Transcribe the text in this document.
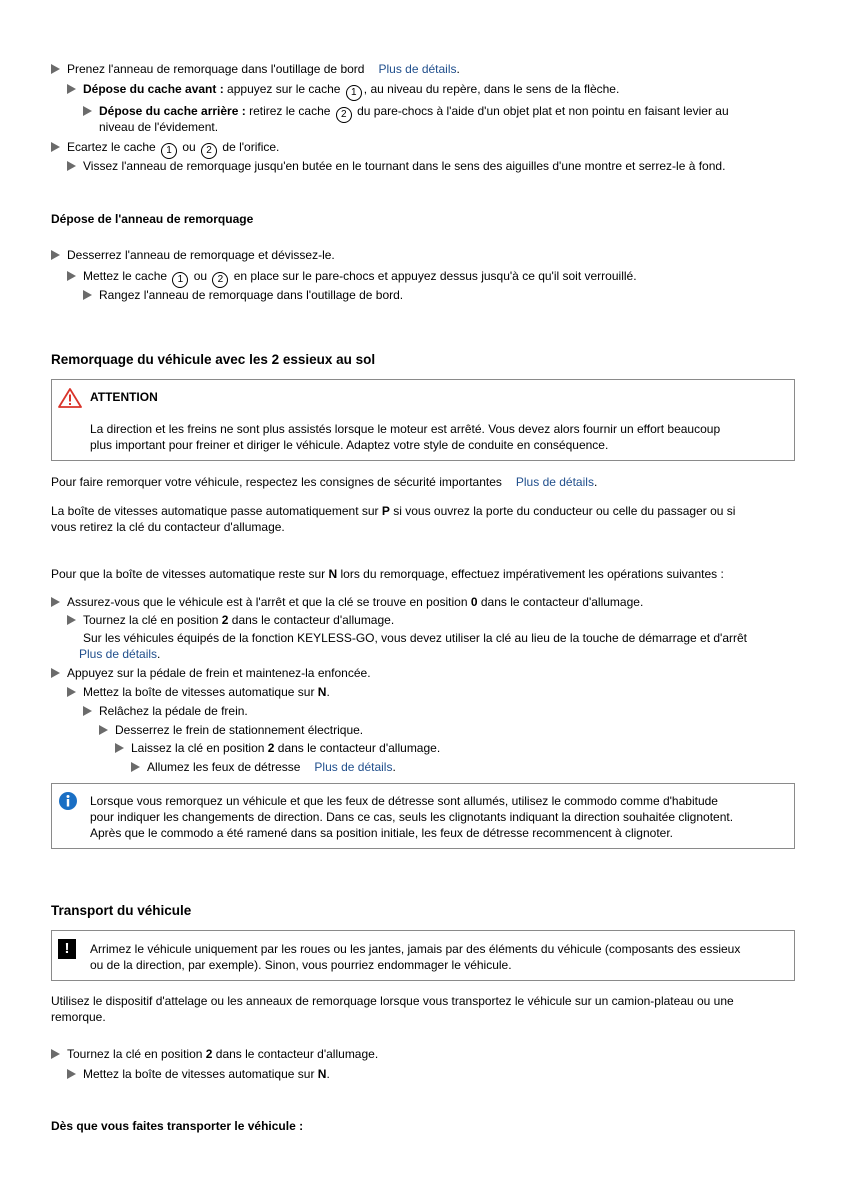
Prenez l'anneau de remorquage dans l'outillage de bord Plus de détails.
Dépose du cache avant : appuyez sur le cache 1 , au niveau du repère, dans le sens de la flèche.
Dépose du cache arrière : retirez le cache 2 du pare-chocs à l'aide d'un objet plat et non pointu en faisant levier au
niveau de l'évidement.
Ecartez le cache 1 ou 2 de l'orifice.
Vissez l'anneau de remorquage jusqu'en butée en le tournant dans le sens des aiguilles d'une montre et serrez-le à fond.
Dépose de l'anneau de remorquage
Desserrez l'anneau de remorquage et dévissez-le.
Mettez le cache 1 ou 2 en place sur le pare-chocs et appuyez dessus jusqu'à ce qu'il soit verrouillé.
Rangez l'anneau de remorquage dans l'outillage de bord.
Remorquage du véhicule avec les 2 essieux au sol
ATTENTION
La direction et les freins ne sont plus assistés lorsque le moteur est arrêté. Vous devez alors fournir un effort beaucoup
plus important pour freiner et diriger le véhicule. Adaptez votre style de conduite en conséquence.
Pour faire remorquer votre véhicule, respectez les consignes de sécurité importantes Plus de détails.
La boîte de vitesses automatique passe automatiquement sur P si vous ouvrez la porte du conducteur ou celle du passager ou si
vous retirez la clé du contacteur d'allumage.
Pour que la boîte de vitesses automatique reste sur N lors du remorquage, effectuez impérativement les opérations suivantes :
Assurez-vous que le véhicule est à l'arrêt et que la clé se trouve en position 0 dans le contacteur d'allumage.
Tournez la clé en position 2 dans le contacteur d'allumage.
Sur les véhicules équipés de la fonction KEYLESS-GO, vous devez utiliser la clé au lieu de la touche de démarrage et d'arrêt
Plus de détails.
Appuyez sur la pédale de frein et maintenez-la enfoncée.
Mettez la boîte de vitesses automatique sur N.
Relâchez la pédale de frein.
Desserrez le frein de stationnement électrique.
Laissez la clé en position 2 dans le contacteur d'allumage.
Allumez les feux de détresse Plus de détails.
Lorsque vous remorquez un véhicule et que les feux de détresse sont allumés, utilisez le commodo comme d'habitude
pour indiquer les changements de direction. Dans ce cas, seuls les clignotants indiquant la direction souhaitée clignotent.
Après que le commodo a été ramené dans sa position initiale, les feux de détresse recommencent à clignoter.
Transport du véhicule
!	Arrimez le véhicule uniquement par les roues ou les jantes, jamais par des éléments du véhicule (composants des essieux
ou de la direction, par exemple). Sinon, vous pourriez endommager le véhicule.
Utilisez le dispositif d'attelage ou les anneaux de remorquage lorsque vous transportez le véhicule sur un camion-plateau ou une
remorque.
Tournez la clé en position 2 dans le contacteur d'allumage.
Mettez la boîte de vitesses automatique sur N.
Dès que vous faites transporter le véhicule :
